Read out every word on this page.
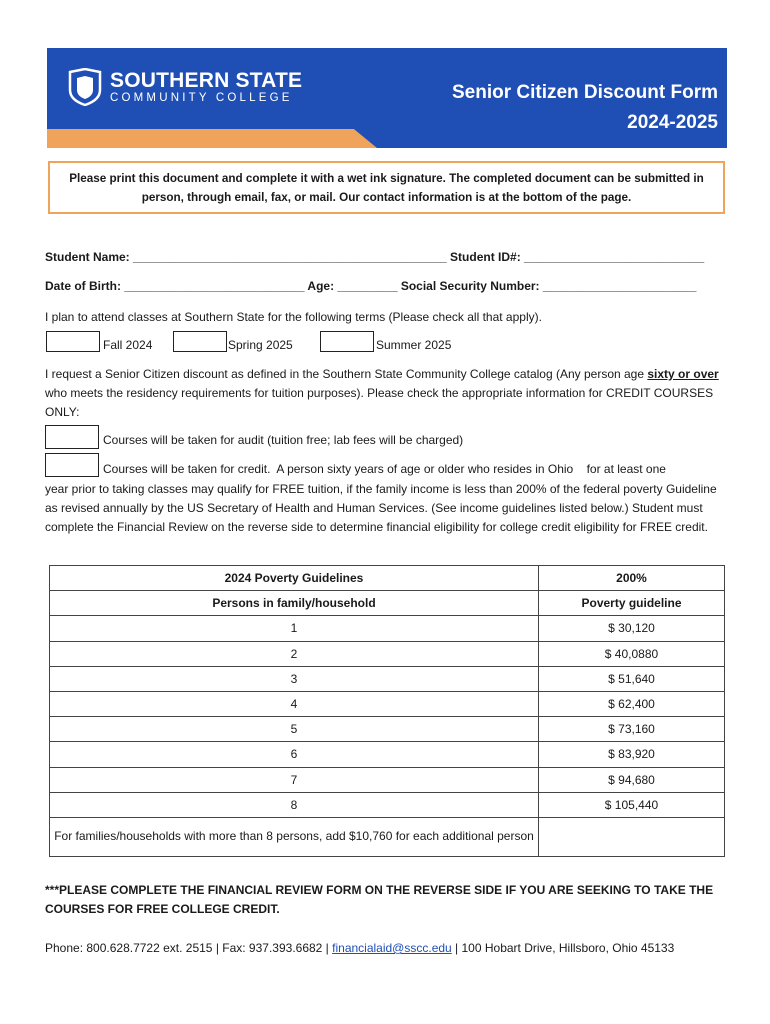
SOUTHERN STATE
COMMUNITY COLLEGE	Senior Citizen Discount Form
2024-2025
Please print this document and complete it with a wet ink signature. The completed document can be submitted in person, through email, fax, or mail. Our contact information is at the bottom of the page.
Student Name: _______________________________________________ Student ID#: ___________________________
Date of Birth: ___________________________ Age: _________ Social Security Number: _______________________
I plan to attend classes at Southern State for the following terms (Please check all that apply).
Fall 2024	Spring 2025	Summer 2025
I request a Senior Citizen discount as defined in the Southern State Community College catalog (Any person age sixty or over who meets the residency requirements for tuition purposes). Please check the appropriate information for CREDIT COURSES ONLY:
Courses will be taken for audit (tuition free; lab fees will be charged)
Courses will be taken for credit.  A person sixty years of age or older who resides in Ohio    for at least one
year prior to taking classes may qualify for FREE tuition, if the family income is less than 200% of the federal poverty Guideline as revised annually by the US Secretary of Health and Human Services. (See income guidelines listed below.) Student must complete the Financial Review on the reverse side to determine financial eligibility for college credit eligibility for FREE credit.
2024 Poverty Guidelines	200%
Persons in family/household	Poverty guideline
1	$ 30,120
2	$ 40,0880
3	$ 51,640
4	$ 62,400
5	$ 73,160
6	$ 83,920
7	$ 94,680
8	$ 105,440
For families/households with more than 8 persons, add $10,760 for each additional person	
***PLEASE COMPLETE THE FINANCIAL REVIEW FORM ON THE REVERSE SIDE IF YOU ARE SEEKING TO TAKE THE COURSES FOR FREE COLLEGE CREDIT.
Phone: 800.628.7722 ext. 2515 | Fax: 937.393.6682 | financialaid@sscc.edu | 100 Hobart Drive, Hillsboro, Ohio 45133
